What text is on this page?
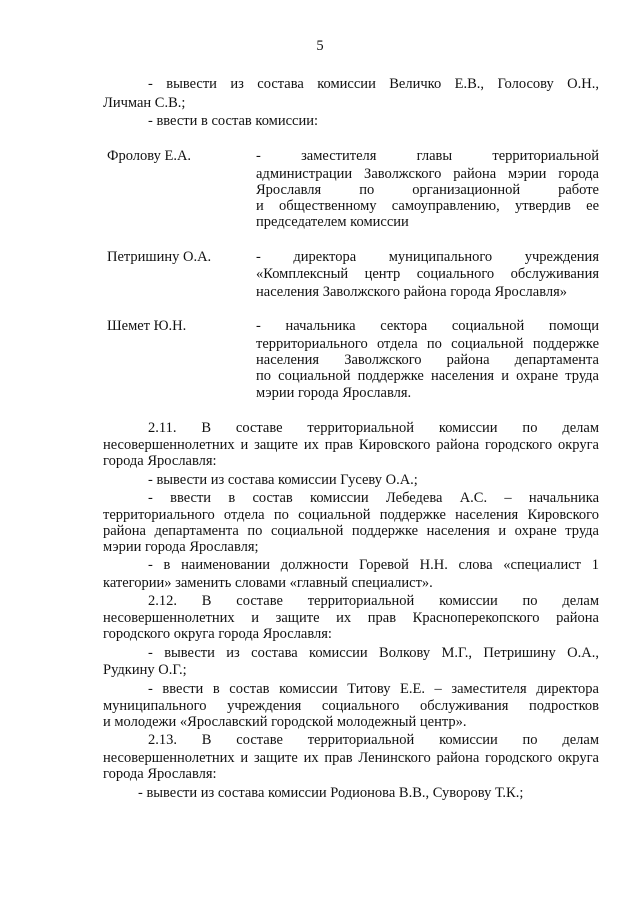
5
- вывести из состава комиссии Величко Е.В., Голосову О.Н.,
Личман С.В.;
- ввести в состав комиссии:
Фролову Е.А.	- заместителя главы территориальной
администрации Заволжского района мэрии города
Ярославля по организационной работе
и общественному самоуправлению, утвердив ее
председателем комиссии
Петришину О.А.	- директора муниципального учреждения
«Комплексный центр социального обслуживания
населения Заволжского района города Ярославля»
Шемет Ю.Н.	- начальника сектора социальной помощи
территориального отдела по социальной поддержке
населения Заволжского района департамента
по социальной поддержке населения и охране труда
мэрии города Ярославля.
2.11. В составе территориальной комиссии по делам
несовершеннолетних и защите их прав Кировского района городского округа
города Ярославля:
- вывести из состава комиссии Гусеву О.А.;
- ввести в состав комиссии Лебедева А.С. – начальника
территориального отдела по социальной поддержке населения Кировского
района департамента по социальной поддержке населения и охране труда
мэрии города Ярославля;
- в наименовании должности Горевой Н.Н. слова «специалист 1
категории» заменить словами «главный специалист».
2.12. В составе территориальной комиссии по делам
несовершеннолетних и защите их прав Красноперекопского района
городского округа города Ярославля:
- вывести из состава комиссии Волкову М.Г., Петришину О.А.,
Рудкину О.Г.;
- ввести в состав комиссии Титову Е.Е. – заместителя директора
муниципального учреждения социального обслуживания подростков
и молодежи «Ярославский городской молодежный центр».
2.13. В составе территориальной комиссии по делам
несовершеннолетних и защите их прав Ленинского района городского округа
города Ярославля:
- вывести из состава комиссии Родионова В.В., Суворову Т.К.;
